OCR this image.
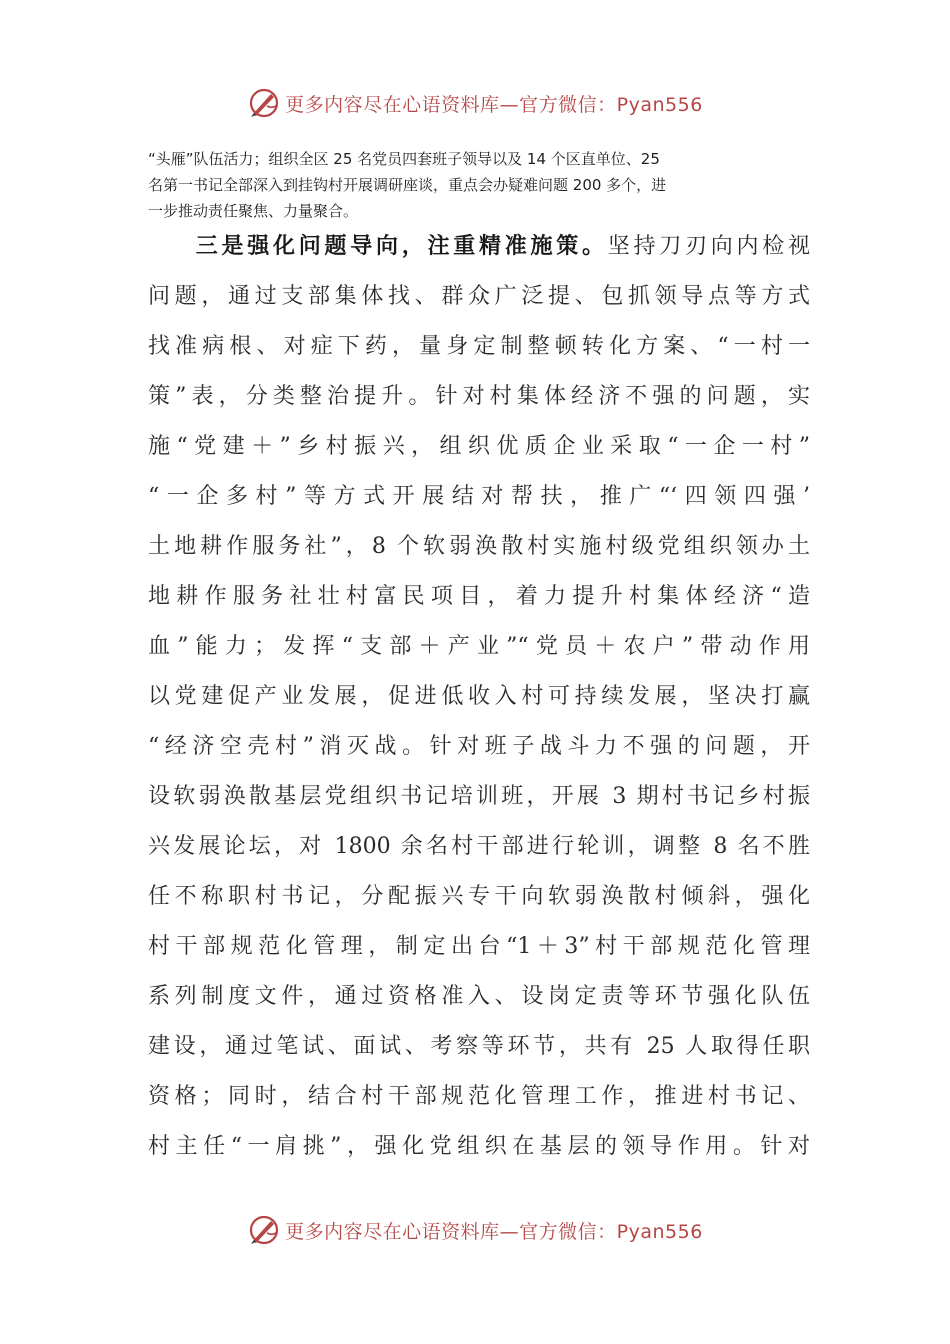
更多内容尽在心语资料库—官方微信：Pyan556
“头雁”队伍活力；组织全区 25 名党员四套班子领导以及 14 个区直单位、25
名第一书记全部深入到挂钩村开展调研座谈，重点会办疑难问题 200 多个，进
一步推动责任聚焦、力量聚合。
三是强化问题导向，注重精准施策。坚持刀刃向内检视
问题，通过支部集体找、群众广泛提、包抓领导点等方式
找准病根、对症下药，量身定制整顿转化方案、“一村一
策”表，分类整治提升。针对村集体经济不强的问题，实
施“党建＋”乡村振兴，组织优质企业采取“一企一村”
“一企多村”等方式开展结对帮扶，推广“‘四领四强’
土地耕作服务社”，8 个软弱涣散村实施村级党组织领办土
地耕作服务社壮村富民项目，着力提升村集体经济“造
血”能力；发挥“支部＋产业”“党员＋农户”带动作用
以党建促产业发展，促进低收入村可持续发展，坚决打赢
“经济空壳村”消灭战。针对班子战斗力不强的问题，开
设软弱涣散基层党组织书记培训班，开展 3 期村书记乡村振
兴发展论坛，对 1800 余名村干部进行轮训，调整 8 名不胜
任不称职村书记，分配振兴专干向软弱涣散村倾斜，强化
村干部规范化管理，制定出台“1＋3”村干部规范化管理
系列制度文件，通过资格准入、设岗定责等环节强化队伍
建设，通过笔试、面试、考察等环节，共有 25 人取得任职
资格；同时，结合村干部规范化管理工作，推进村书记、
村主任“一肩挑”，强化党组织在基层的领导作用。针对
更多内容尽在心语资料库—官方微信：Pyan556
